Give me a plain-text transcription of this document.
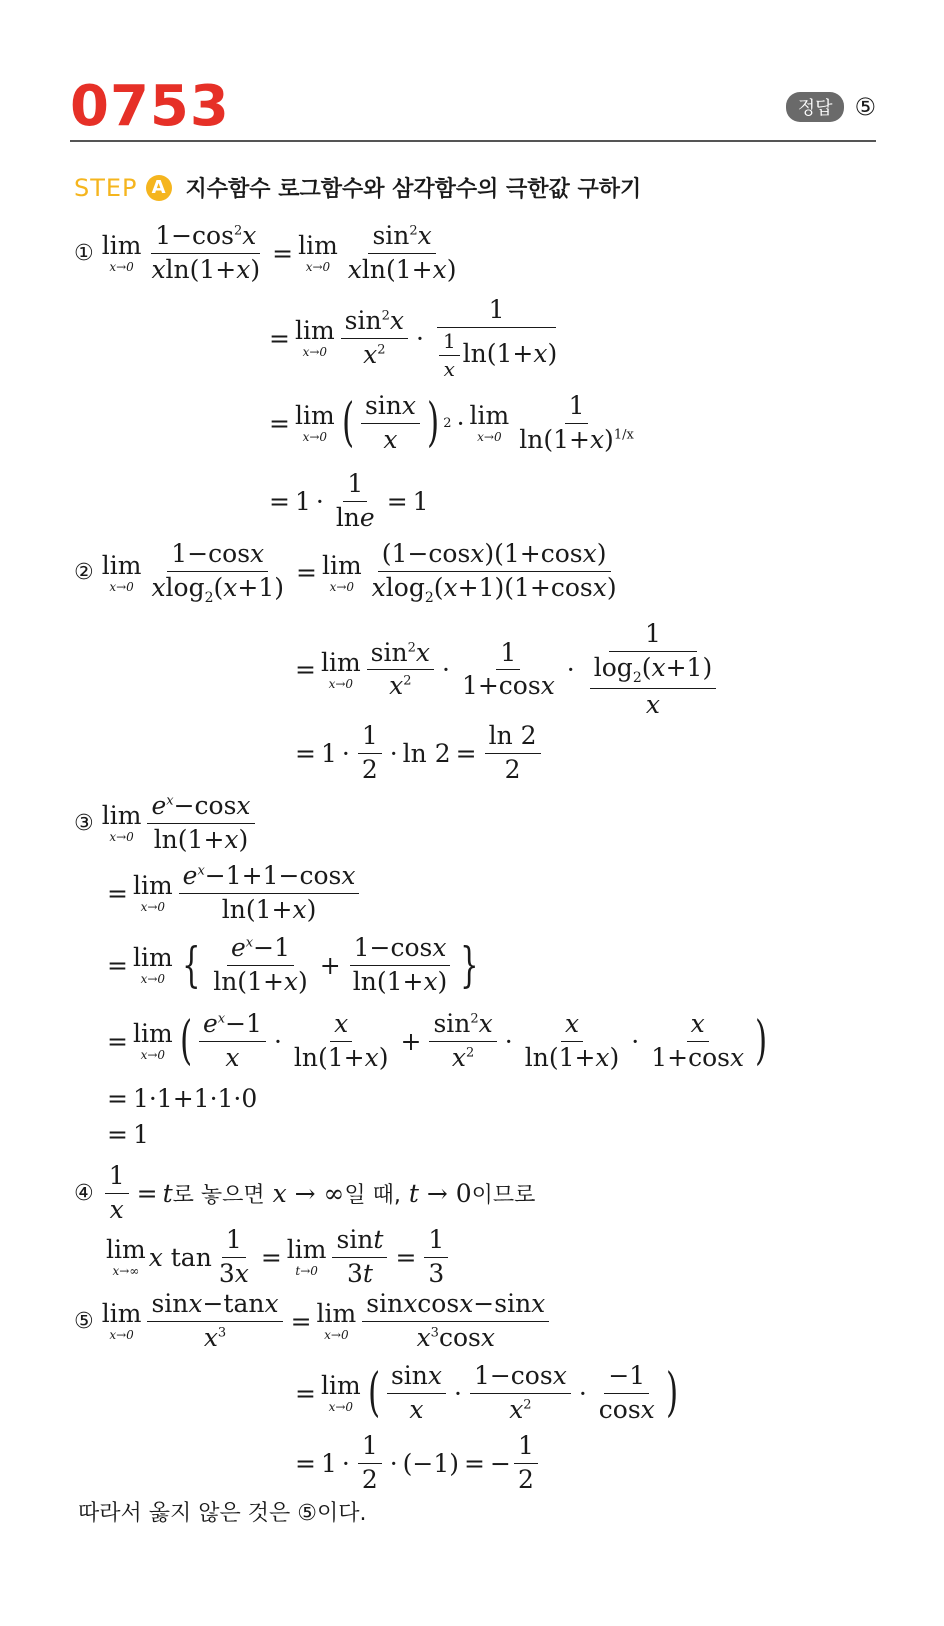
0753	정답 ⑤
STEP A 지수함수 로그함수와 삼각함수의 극한값 구하기
① lim
$x\to 0 \frac{1-\cos^2x}{xln(1+x)} = \lim$
$x\to 0 \frac{\sin^2x}{xln(1+x)}$
= lim
$x\to 0 \frac{\sin^2x}{x^2} \cdot \frac{1}{\frac{1}{x} \ln(1+x)}$
= lim
x→0 ( $\frac{\sin x}{x}$ ) 2 · lim
$x\to 0 \frac{1}{\ln(1+x)^{1/x}}$
= $1 \cdot \frac{1}{\ln e} = 1$
② lim
$x\to 0 \frac{1-\cos x}{xlog_2(x+1)} = \lim$
$x\to 0 \frac{(1-\cos x)(1+\cos x)}{xlog_2(x+1)(1+\cos x)}$
= lim
$x\to 0 \frac{\sin^2x}{x^2} \cdot \frac{1}{1+\cos x} \cdot \frac{1}{\frac{\log_2(x+1)}{x}}$
= $1 \cdot \frac{1}{2} \cdot \ln 2 = \frac{\ln 2}{2}$
③ lim
$x\to 0 \frac{e^x-\cos x}{\ln(1+x)}$
= lim
$x\to 0 \frac{e^x-1+1-\cos x}{\ln(1+x)}$
= lim
x→0 { $\frac{e^x-1}{\ln(1+x)} + \frac{1-\cos x}{\ln(1+x)}$ }
= lim
x→0 ( $\frac{e^x-1}{x} \cdot \frac{x}{\ln(1+x)} + \frac{\sin^2x}{x^2} \cdot \frac{x}{\ln(1+x)} \cdot \frac{x}{1+\cos x}$ )
= 1·1+1·1·0
= 1
④ $\frac{1}{x} = t$ 로 놓으면
x → ∞ 일 때,
t → 0 이므로
lim
x→∞ x $\tan \frac{1}{3x} = \lim$
$t\to 0 \frac{\sin t}{3t} = \frac{1}{3}$
⑤ lim
$x\to 0 \frac{\sin x-\tan x}{x^3} = \lim$
$x\to 0 \frac{\text{sinxcosx−sinx}}{x^3\cos x}$
= lim
x→0 ( $\frac{\sin x}{x} \cdot \frac{1-\cos x}{x^2} \cdot \frac{-1}{\cos x}$ )
= $1 \cdot \frac{1}{2} \cdot (-1)$ = − $\frac{1}{2}$
따라서 옳지 않은 것은 ⑤이다.
